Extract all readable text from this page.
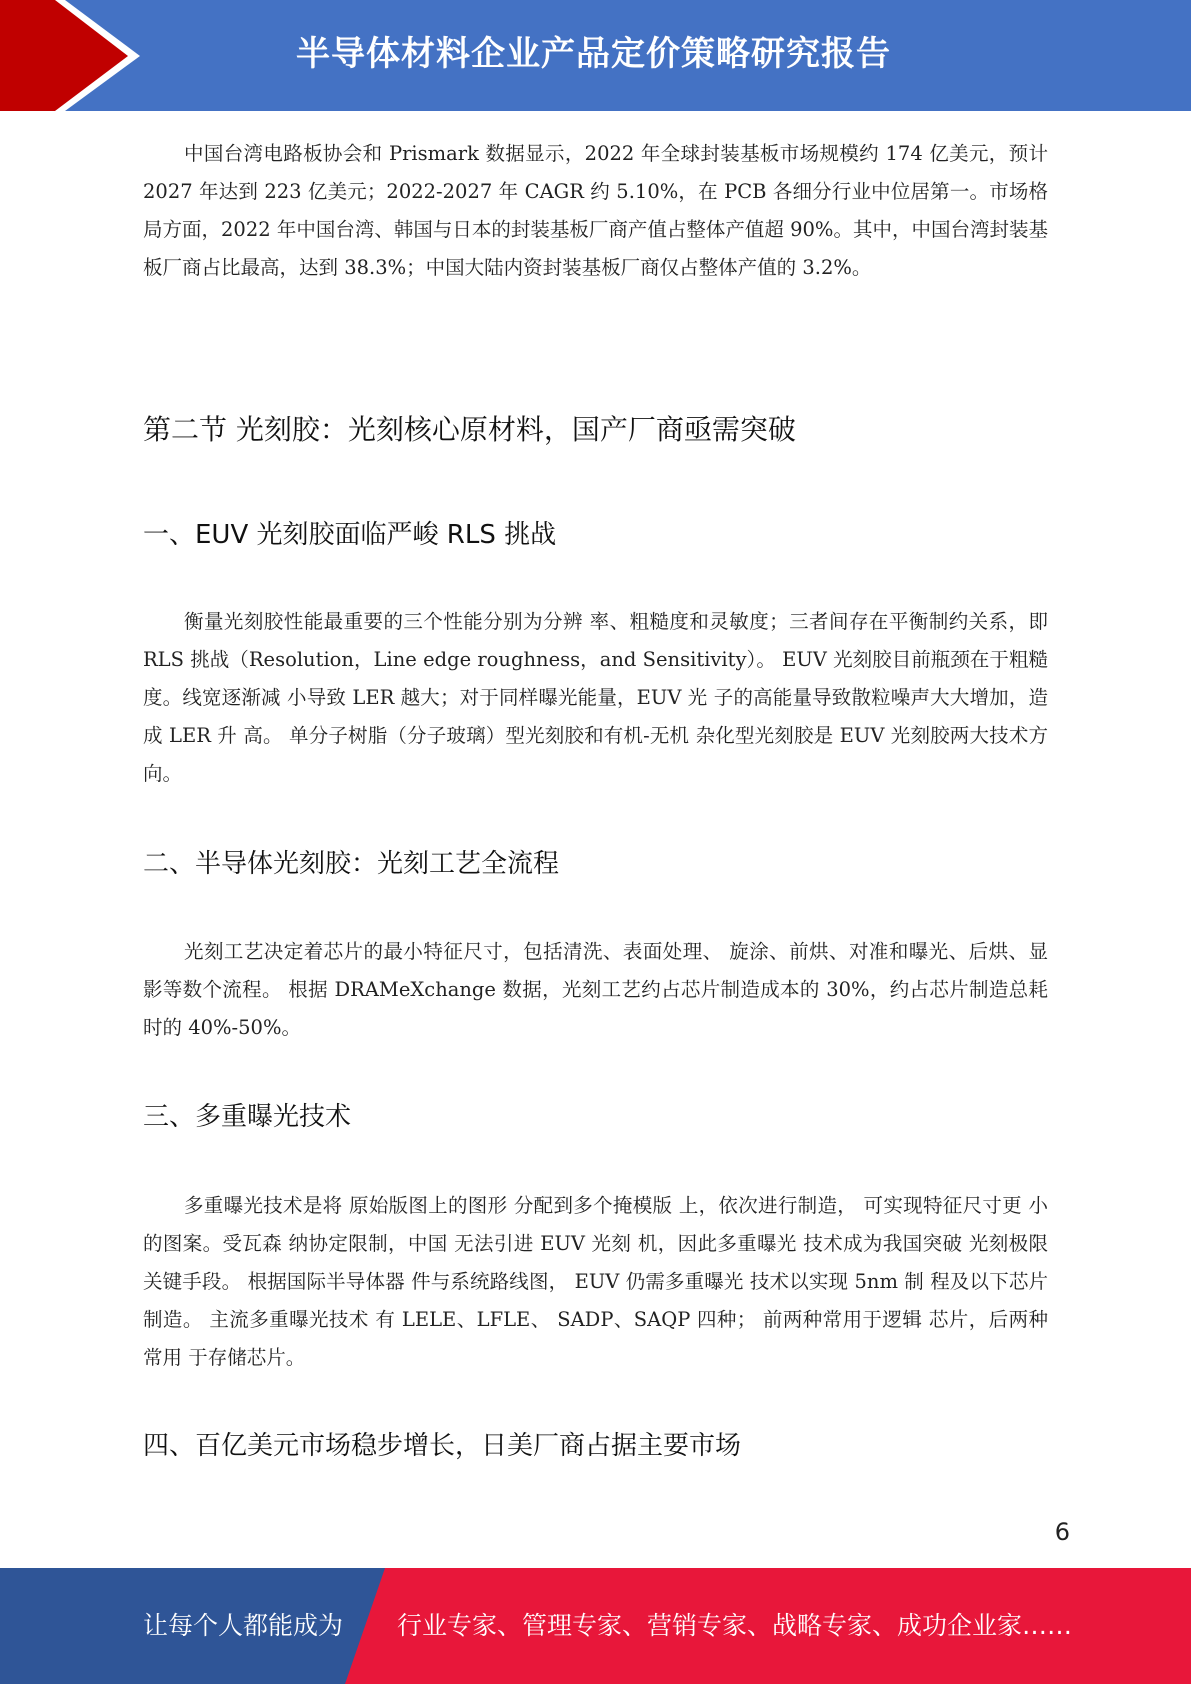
半导体材料企业产品定价策略研究报告

中国台湾电路板协会和 Prismark 数据显示，2022 年全球封装基板市场规模约 174 亿美元，预计 2027 年达到 223 亿美元；2022-2027 年 CAGR 约 5.10%，在 PCB 各细分行业中位居第一。市场格局方面，2022 年中国台湾、韩国与日本的封装基板厂商产值占整体产值超 90%。其中，中国台湾封装基板厂商占比最高，达到 38.3%；中国大陆内资封装基板厂商仅占整体产值的 3.2%。

第二节 光刻胶：光刻核心原材料，国产厂商亟需突破
一、EUV 光刻胶面临严峻 RLS 挑战

衡量光刻胶性能最重要的三个性能分别为分辨 率、粗糙度和灵敏度；三者间存在平衡制约关系，即 RLS 挑战（Resolution，Line edge roughness，and Sensitivity）。 EUV 光刻胶目前瓶颈在于粗糙度。线宽逐渐减 小导致 LER 越大；对于同样曝光能量，EUV 光 子的高能量导致散粒噪声大大增加，造成 LER 升 高。 单分子树脂（分子玻璃）型光刻胶和有机-无机 杂化型光刻胶是 EUV 光刻胶两大技术方向。

二、半导体光刻胶：光刻工艺全流程

光刻工艺决定着芯片的最小特征尺寸，包括清洗、表面处理、 旋涂、前烘、对准和曝光、后烘、显影等数个流程。 根据 DRAMeXchange 数据，光刻工艺约占芯片制造成本的 30%，约占芯片制造总耗时的 40%-50%。

三、多重曝光技术

多重曝光技术是将 原始版图上的图形 分配到多个掩模版 上，依次进行制造， 可实现特征尺寸更 小的图案。受瓦森 纳协定限制，中国 无法引进 EUV 光刻 机，因此多重曝光 技术成为我国突破 光刻极限关键手段。 根据国际半导体器 件与系统路线图， EUV 仍需多重曝光 技术以实现 5nm 制 程及以下芯片制造。 主流多重曝光技术 有 LELE、LFLE、 SADP、SAQP 四种； 前两种常用于逻辑 芯片，后两种常用 于存储芯片。

四、百亿美元市场稳步增长，日美厂商占据主要市场
6
让每个人都能成为 行业专家、管理专家、营销专家、战略专家、成功企业家……
